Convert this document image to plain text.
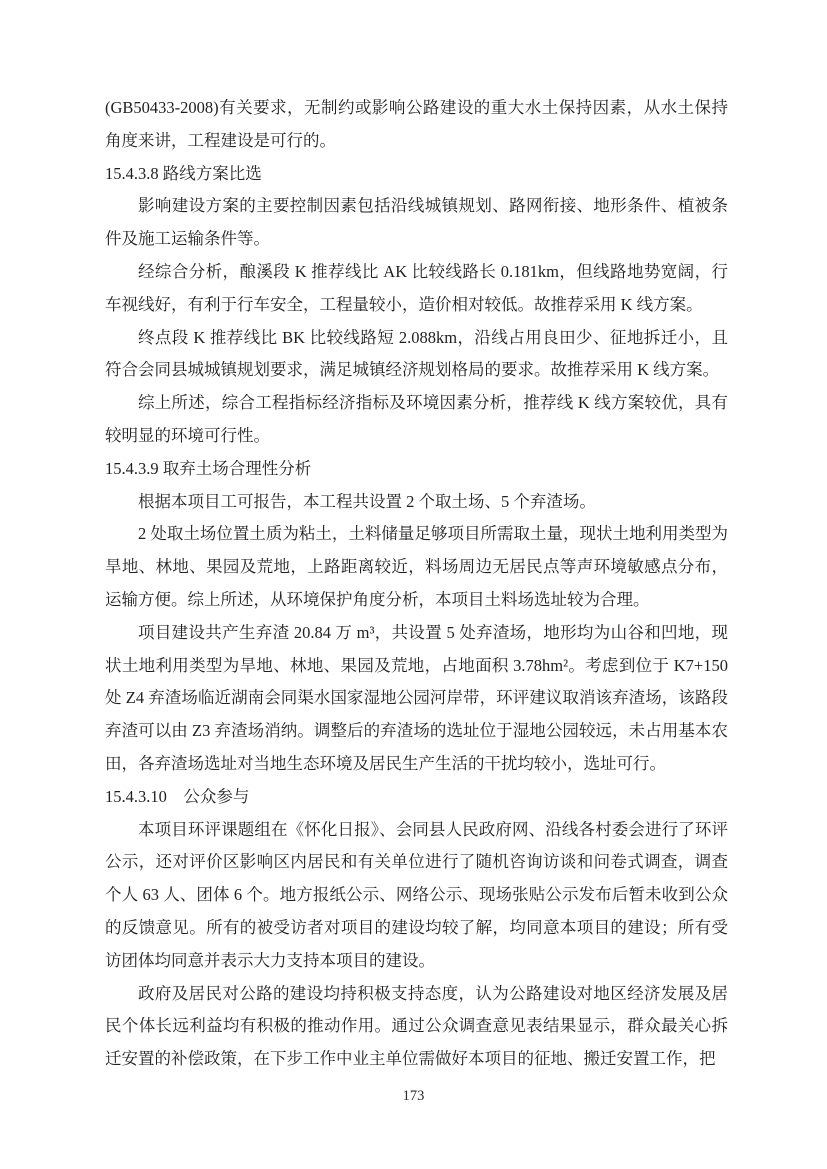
(GB50433-2008)有关要求，无制约或影响公路建设的重大水土保持因素，从水土保持角度来讲，工程建设是可行的。

15.4.3.8 路线方案比选

影响建设方案的主要控制因素包括沿线城镇规划、路网衔接、地形条件、植被条件及施工运输条件等。

经综合分析，酿溪段 K 推荐线比 AK 比较线路长 0.181km，但线路地势宽阔，行车视线好，有利于行车安全，工程量较小，造价相对较低。故推荐采用 K 线方案。

终点段 K 推荐线比 BK 比较线路短 2.088km，沿线占用良田少、征地拆迁小，且符合会同县城城镇规划要求，满足城镇经济规划格局的要求。故推荐采用 K 线方案。

综上所述，综合工程指标经济指标及环境因素分析，推荐线 K 线方案较优，具有较明显的环境可行性。

15.4.3.9 取弃土场合理性分析

根据本项目工可报告，本工程共设置 2 个取土场、5 个弃渣场。

2 处取土场位置土质为粘土，土料储量足够项目所需取土量，现状土地利用类型为旱地、林地、果园及荒地，上路距离较近，料场周边无居民点等声环境敏感点分布，运输方便。综上所述，从环境保护角度分析，本项目土料场选址较为合理。

项目建设共产生弃渣 20.84 万 m³，共设置 5 处弃渣场，地形均为山谷和凹地，现状土地利用类型为旱地、林地、果园及荒地，占地面积 3.78hm²。考虑到位于 K7+150 处 Z4 弃渣场临近湖南会同渠水国家湿地公园河岸带，环评建议取消该弃渣场，该路段弃渣可以由 Z3 弃渣场消纳。调整后的弃渣场的选址位于湿地公园较远，未占用基本农田，各弃渣场选址对当地生态环境及居民生产生活的干扰均较小，选址可行。

15.4.3.10　公众参与

本项目环评课题组在《怀化日报》、会同县人民政府网、沿线各村委会进行了环评公示，还对评价区影响区内居民和有关单位进行了随机咨询访谈和问卷式调查，调查个人 63 人、团体 6 个。地方报纸公示、网络公示、现场张贴公示发布后暂未收到公众的反馈意见。所有的被受访者对项目的建设均较了解，均同意本项目的建设；所有受访团体均同意并表示大力支持本项目的建设。

政府及居民对公路的建设均持积极支持态度，认为公路建设对地区经济发展及居民个体长远利益均有积极的推动作用。通过公众调查意见表结果显示，群众最关心拆迁安置的补偿政策，在下步工作中业主单位需做好本项目的征地、搬迁安置工作，把

173
